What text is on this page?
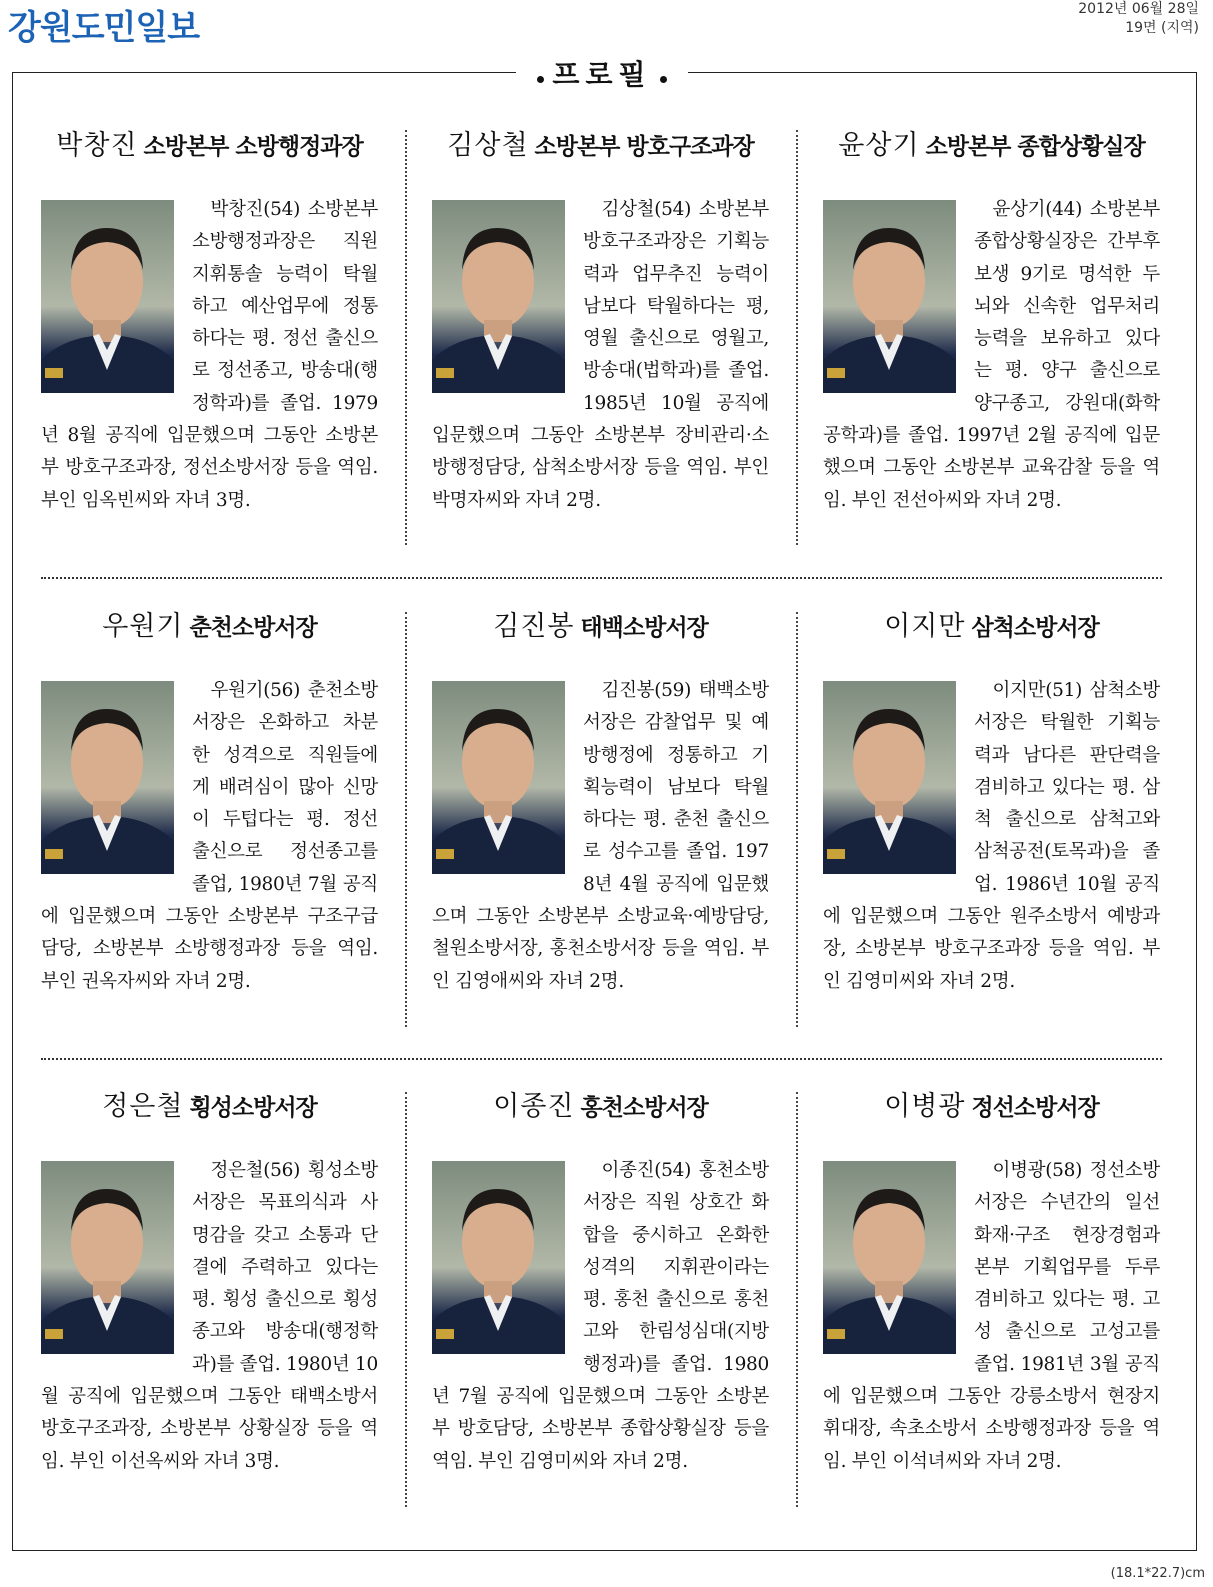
강원도민일보	2012년 06월 28일
19면 (지역)
프로필
박창진 소방본부 소방행정과장
박창진(54) 소방본부 소방행정과장은 직원 지휘통솔 능력이 탁월하고 예산업무에 정통하다는 평. 정선 출신으로 정선종고, 방송대(행정학과)를 졸업. 1979년 8월 공직에 입문했으며 그동안 소방본부 방호구조과장, 정선소방서장 등을 역임. 부인 임옥빈씨와 자녀 3명.
김상철 소방본부 방호구조과장
김상철(54) 소방본부 방호구조과장은 기획능력과 업무추진 능력이 남보다 탁월하다는 평, 영월 출신으로 영월고, 방송대(법학과)를 졸업. 1985년 10월 공직에 입문했으며 그동안 소방본부 장비관리·소방행정담당, 삼척소방서장 등을 역임. 부인 박명자씨와 자녀 2명.
윤상기 소방본부 종합상황실장
윤상기(44) 소방본부 종합상황실장은 간부후보생 9기로 명석한 두뇌와 신속한 업무처리 능력을 보유하고 있다는 평. 양구 출신으로 양구종고, 강원대(화학공학과)를 졸업. 1997년 2월 공직에 입문했으며 그동안 소방본부 교육감찰 등을 역임. 부인 전선아씨와 자녀 2명.
우원기 춘천소방서장
우원기(56) 춘천소방서장은 온화하고 차분한 성격으로 직원들에게 배려심이 많아 신망이 두텁다는 평. 정선 출신으로 정선종고를 졸업, 1980년 7월 공직에 입문했으며 그동안 소방본부 구조구급담당, 소방본부 소방행정과장 등을 역임. 부인 권옥자씨와 자녀 2명.
김진봉 태백소방서장
김진봉(59) 태백소방서장은 감찰업무 및 예방행정에 정통하고 기획능력이 남보다 탁월하다는 평. 춘천 출신으로 성수고를 졸업. 1978년 4월 공직에 입문했으며 그동안 소방본부 소방교육·예방담당, 철원소방서장, 홍천소방서장 등을 역임. 부인 김영애씨와 자녀 2명.
이지만 삼척소방서장
이지만(51) 삼척소방서장은 탁월한 기획능력과 남다른 판단력을 겸비하고 있다는 평. 삼척 출신으로 삼척고와 삼척공전(토목과)을 졸업. 1986년 10월 공직에 입문했으며 그동안 원주소방서 예방과장, 소방본부 방호구조과장 등을 역임. 부인 김영미씨와 자녀 2명.
정은철 횡성소방서장
정은철(56) 횡성소방서장은 목표의식과 사명감을 갖고 소통과 단결에 주력하고 있다는 평. 횡성 출신으로 횡성종고와 방송대(행정학과)를 졸업. 1980년 10월 공직에 입문했으며 그동안 태백소방서 방호구조과장, 소방본부 상황실장 등을 역임. 부인 이선옥씨와 자녀 3명.
이종진 홍천소방서장
이종진(54) 홍천소방서장은 직원 상호간 화합을 중시하고 온화한 성격의 지휘관이라는 평. 홍천 출신으로 홍천고와 한림성심대(지방행정과)를 졸업. 1980년 7월 공직에 입문했으며 그동안 소방본부 방호담당, 소방본부 종합상황실장 등을 역임. 부인 김영미씨와 자녀 2명.
이병광 정선소방서장
이병광(58) 정선소방서장은 수년간의 일선 화재·구조 현장경험과 본부 기획업무를 두루 겸비하고 있다는 평. 고성 출신으로 고성고를 졸업. 1981년 3월 공직에 입문했으며 그동안 강릉소방서 현장지휘대장, 속초소방서 소방행정과장 등을 역임. 부인 이석녀씨와 자녀 2명.
(18.1*22.7)cm
